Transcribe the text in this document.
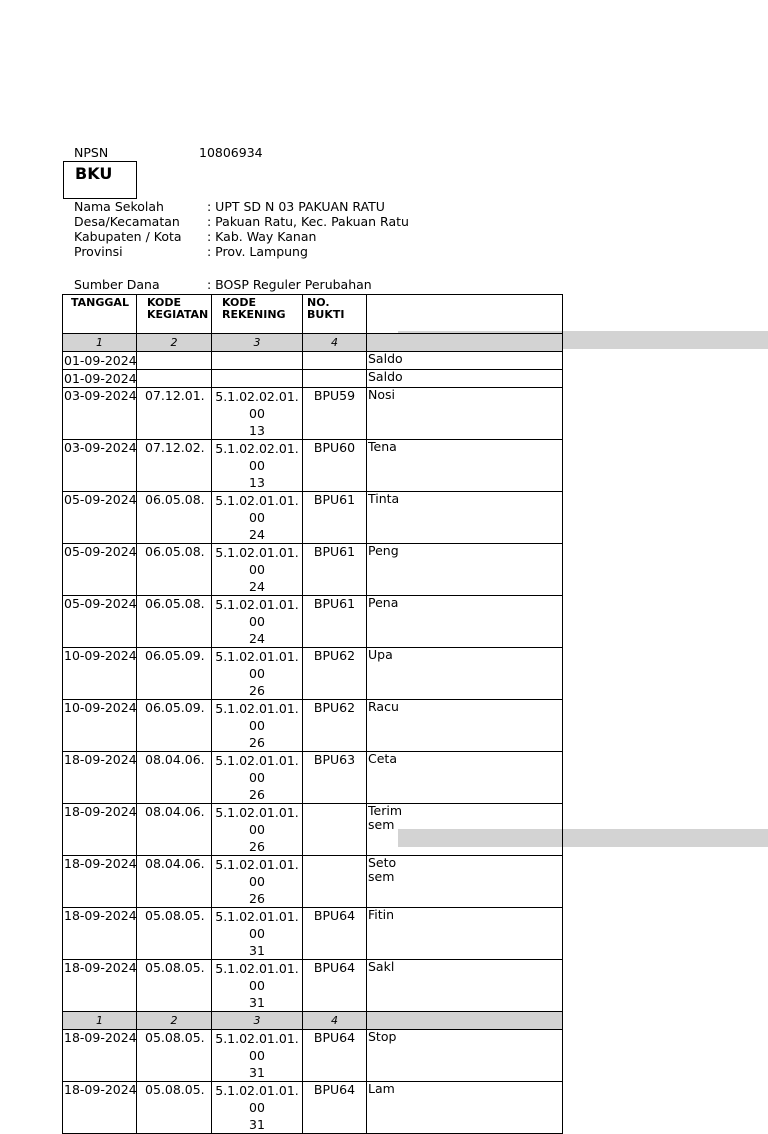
NPSN	10806934
BKU
Nama Sekolah	: UPT SD N 03 PAKUAN RATU
Desa/Kecamatan : Pakuan Ratu, Kec. Pakuan Ratu
Kabupaten / Kota : Kab. Way Kanan
Provinsi	: Prov. Lampung
Sumber Dana	: BOSP Reguler Perubahan
TANGGAL	KODE KEGIATAN	KODE REKENING	NO. BUKTI	
1	2	3	4	

01-09-2024				Saldo

01-09-2024				Saldo

03-09-2024	07.12.01.	5.1.02.02.01.
00
13	BPU59	Nosi

03-09-2024	07.12.02.	5.1.02.02.01.
00
13	BPU60	Tena

05-09-2024	06.05.08.	5.1.02.01.01.
00
24	BPU61	Tinta

05-09-2024	06.05.08.	5.1.02.01.01.
00
24	BPU61	Peng

05-09-2024	06.05.08.	5.1.02.01.01.
00
24	BPU61	Pena

10-09-2024	06.05.09.	5.1.02.01.01.
00
26	BPU62	Upa

10-09-2024	06.05.09.	5.1.02.01.01.
00
26	BPU62	Racu

18-09-2024	08.04.06.	5.1.02.01.01.
00
26	BPU63	Ceta

18-09-2024	08.04.06.	5.1.02.01.01.
00
26		Terim
sem

18-09-2024	08.04.06.	5.1.02.01.01.
00
26		Seto
sem

18-09-2024	05.08.05.	5.1.02.01.01.
00
31	BPU64	Fitin

18-09-2024	05.08.05.	5.1.02.01.01.
00
31	BPU64	Sakl

1	2	3	4	

18-09-2024	05.08.05.	5.1.02.01.01.
00
31	BPU64	Stop

18-09-2024	05.08.05.	5.1.02.01.01.
00
31	BPU64	Lam
